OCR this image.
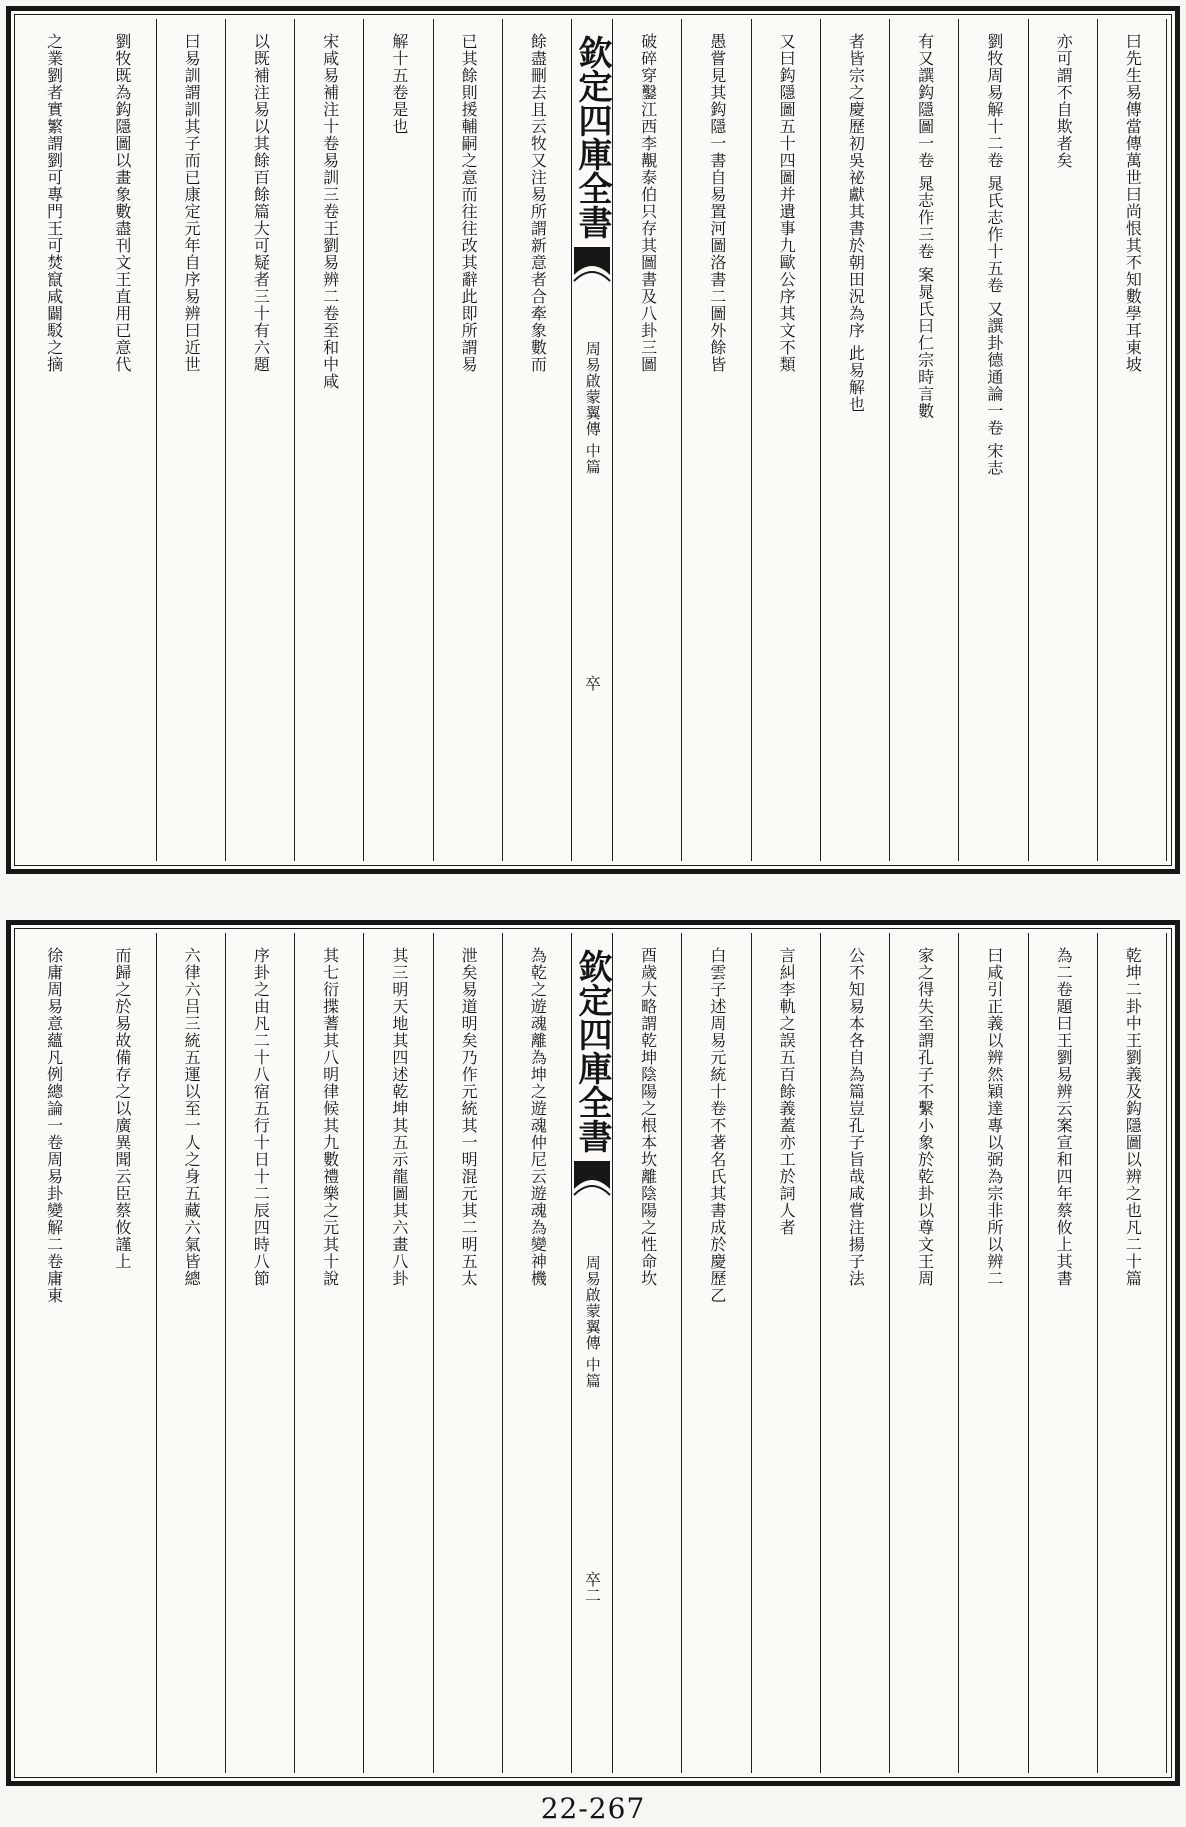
曰先生易傳當傳萬世曰尚恨其不知數學耳東坡
亦可謂不自欺者矣
劉牧周易解十二卷 晁氏志作十五卷 又譔卦德通論一卷 宋志
有又譔鈎隱圖一卷 晁志作三卷 案晁氏曰仁宗時言數
者皆宗之慶歷初吳祕獻其書於朝田況為序 此易解也
又曰鈎隱圖五十四圖并遺事九歐公序其文不類
愚嘗見其鈎隱一書自易置河圖洛書二圖外餘皆
破碎穿鑿江西李覯泰伯只存其圖書及八卦三圖
欽定四庫全書
周易啟蒙翼傳 中篇
卒
餘盡刪去且云牧又注易所謂新意者合牽象數而
已其餘則援輔嗣之意而往往改其辭此即所謂易
解十五卷是也
宋咸易補注十卷易訓三卷王劉易辨二卷至和中咸
以既補注易以其餘百餘篇大可疑者三十有六題
曰易訓謂訓其子而已康定元年自序易辨曰近世
劉牧既為鈎隱圖以畫象數盡刊文王直用已意代
之業劉者實繁謂劉可專門王可焚竄咸闢駁之摘
乾坤二卦中王劉義及鈎隱圖以辨之也凡二十篇
為二卷題曰王劉易辨云案宣和四年蔡攸上其書
曰咸引正義以辨然穎達專以弼為宗非所以辨二
家之得失至謂孔子不繫小象於乾卦以尊文王周
公不知易本各自為篇豈孔子旨哉咸嘗注揚子法
言糾李軌之誤五百餘義蓋亦工於詞人者
白雲子述周易元統十卷不著名氏其書成於慶歷乙
酉歲大略謂乾坤陰陽之根本坎離陰陽之性命坎
欽定四庫全書
周易啟蒙翼傳 中篇
卒二
為乾之遊魂離為坤之遊魂仲尼云遊魂為變神機
泄矣易道明矣乃作元統其一明混元其二明五太
其三明天地其四述乾坤其五示龍圖其六畫八卦
其七衍揲蓍其八明律候其九數禮樂之元其十說
序卦之由凡二十八宿五行十日十二辰四時八節
六律六吕三統五運以至一人之身五藏六氣皆總
而歸之於易故備存之以廣異聞云臣蔡攸謹上
徐庸周易意蘊凡例總論一卷周易卦變解二卷庸東
22-267
